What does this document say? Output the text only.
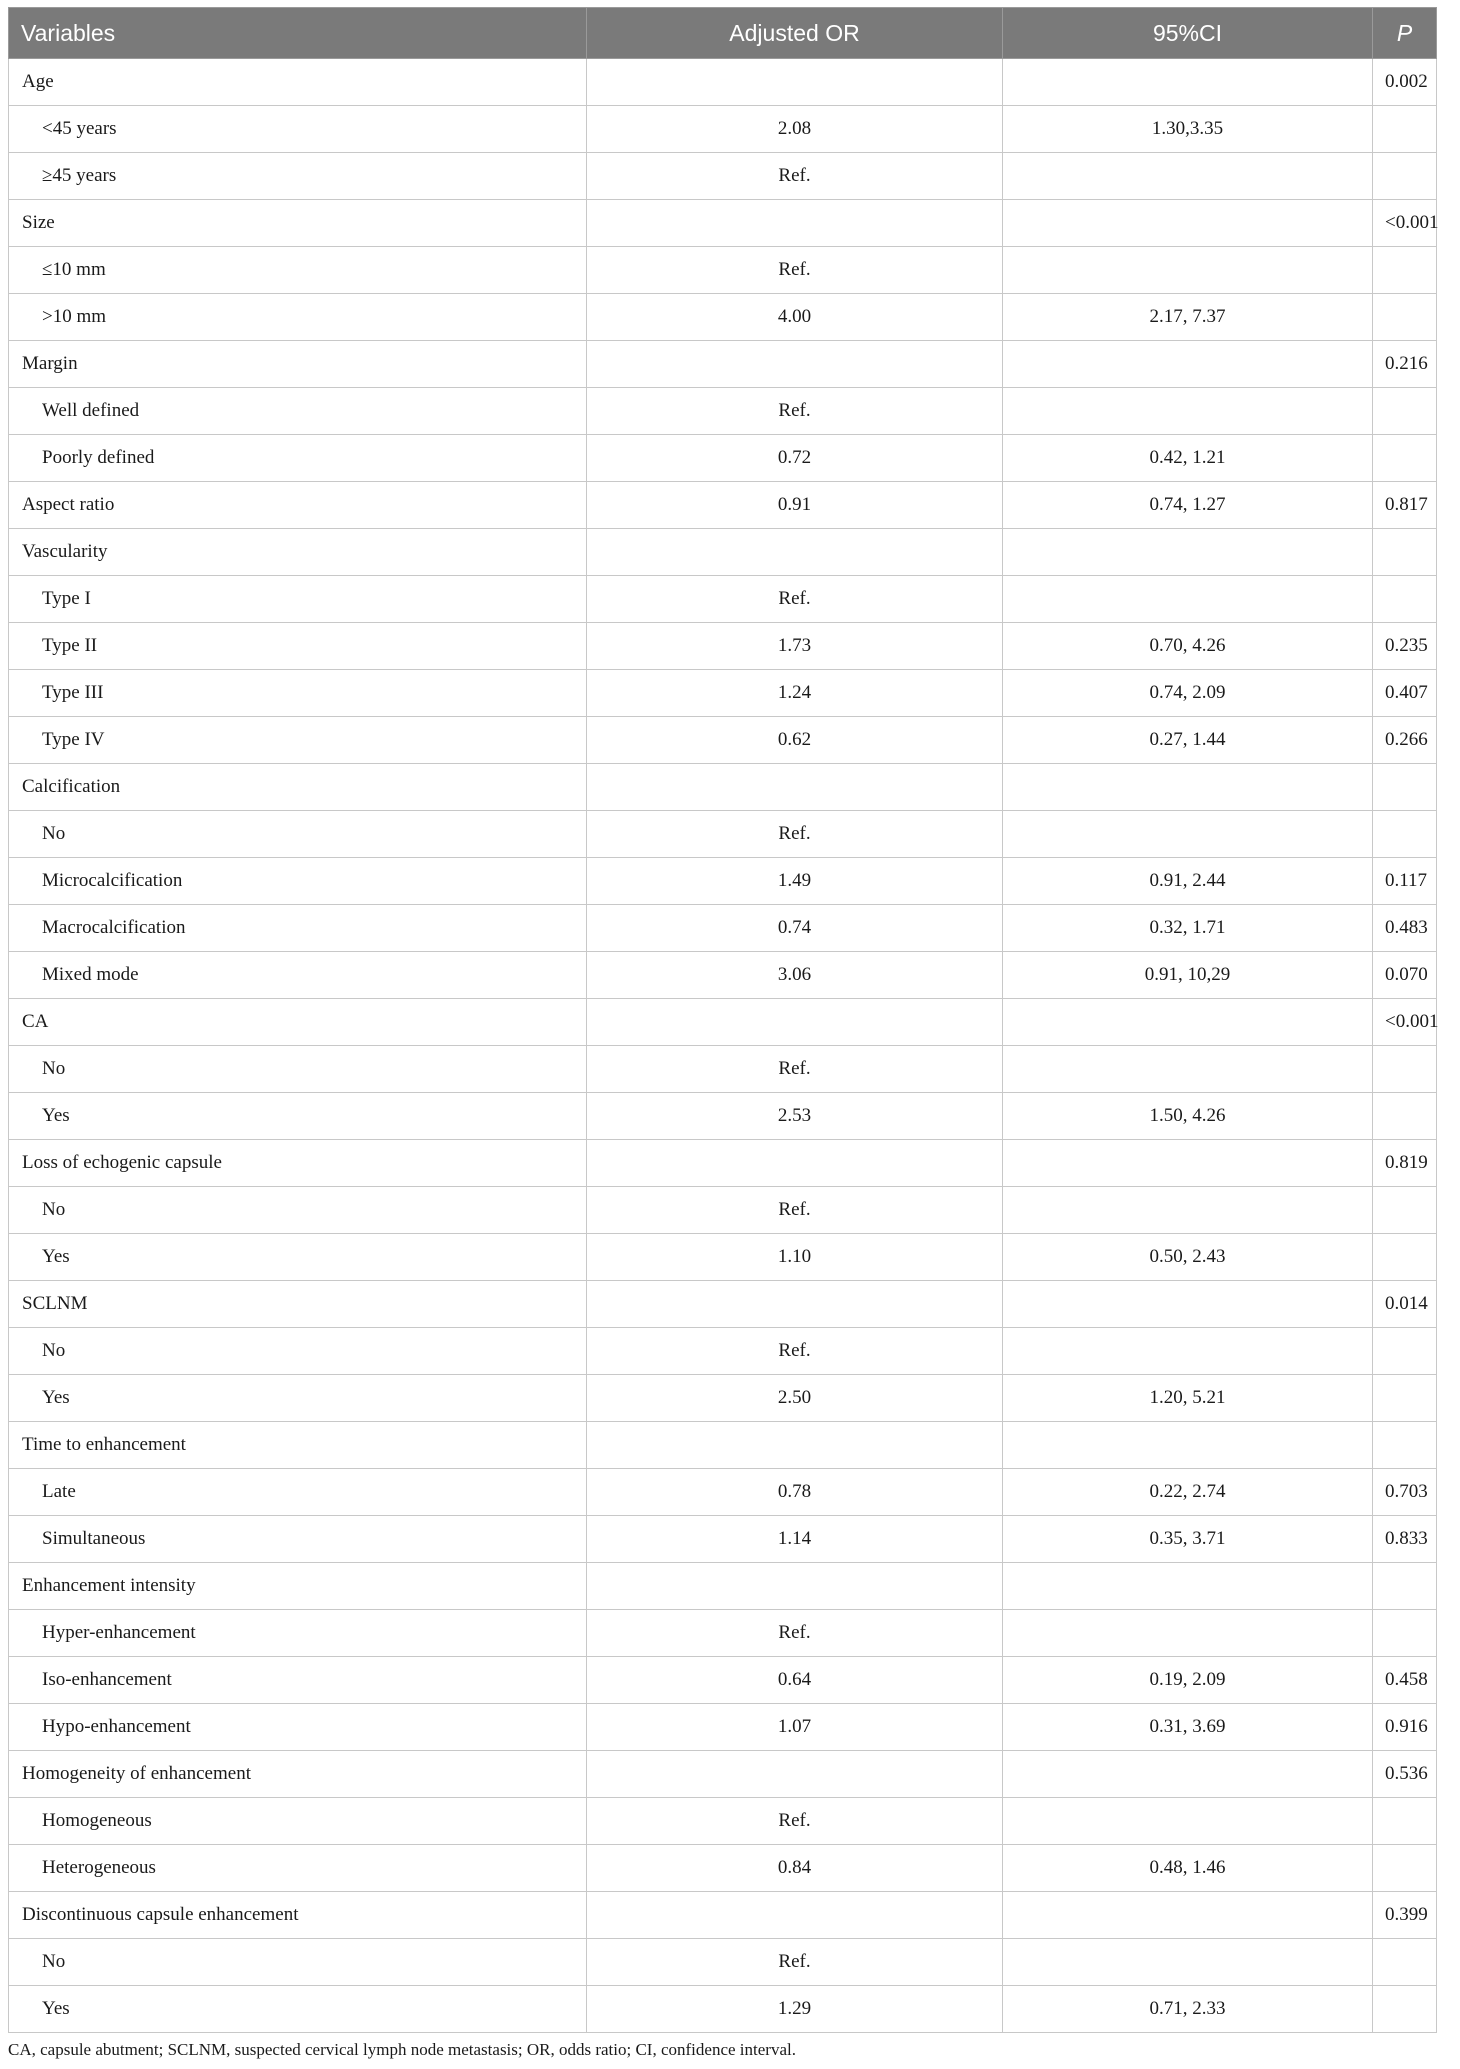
Variables	Adjusted OR	95%CI	P
Age			0.002
<45 years	2.08	1.30,3.35	
≥45 years	Ref.		
Size			<0.001
≤10 mm	Ref.		
>10 mm	4.00	2.17, 7.37	
Margin			0.216
Well defined	Ref.		
Poorly defined	0.72	0.42, 1.21	
Aspect ratio	0.91	0.74, 1.27	0.817
Vascularity			
Type I	Ref.		
Type II	1.73	0.70, 4.26	0.235
Type III	1.24	0.74, 2.09	0.407
Type IV	0.62	0.27, 1.44	0.266
Calcification			
No	Ref.		
Microcalcification	1.49	0.91, 2.44	0.117
Macrocalcification	0.74	0.32, 1.71	0.483
Mixed mode	3.06	0.91, 10,29	0.070
CA			<0.001
No	Ref.		
Yes	2.53	1.50, 4.26	
Loss of echogenic capsule			0.819
No	Ref.		
Yes	1.10	0.50, 2.43	
SCLNM			0.014
No	Ref.		
Yes	2.50	1.20, 5.21	
Time to enhancement			
Late	0.78	0.22, 2.74	0.703
Simultaneous	1.14	0.35, 3.71	0.833
Enhancement intensity			
Hyper-enhancement	Ref.		
Iso-enhancement	0.64	0.19, 2.09	0.458
Hypo-enhancement	1.07	0.31, 3.69	0.916
Homogeneity of enhancement			0.536
Homogeneous	Ref.		
Heterogeneous	0.84	0.48, 1.46	
Discontinuous capsule enhancement			0.399
No	Ref.		
Yes	1.29	0.71, 2.33	
CA, capsule abutment; SCLNM, suspected cervical lymph node metastasis; OR, odds ratio; CI, confidence interval.
